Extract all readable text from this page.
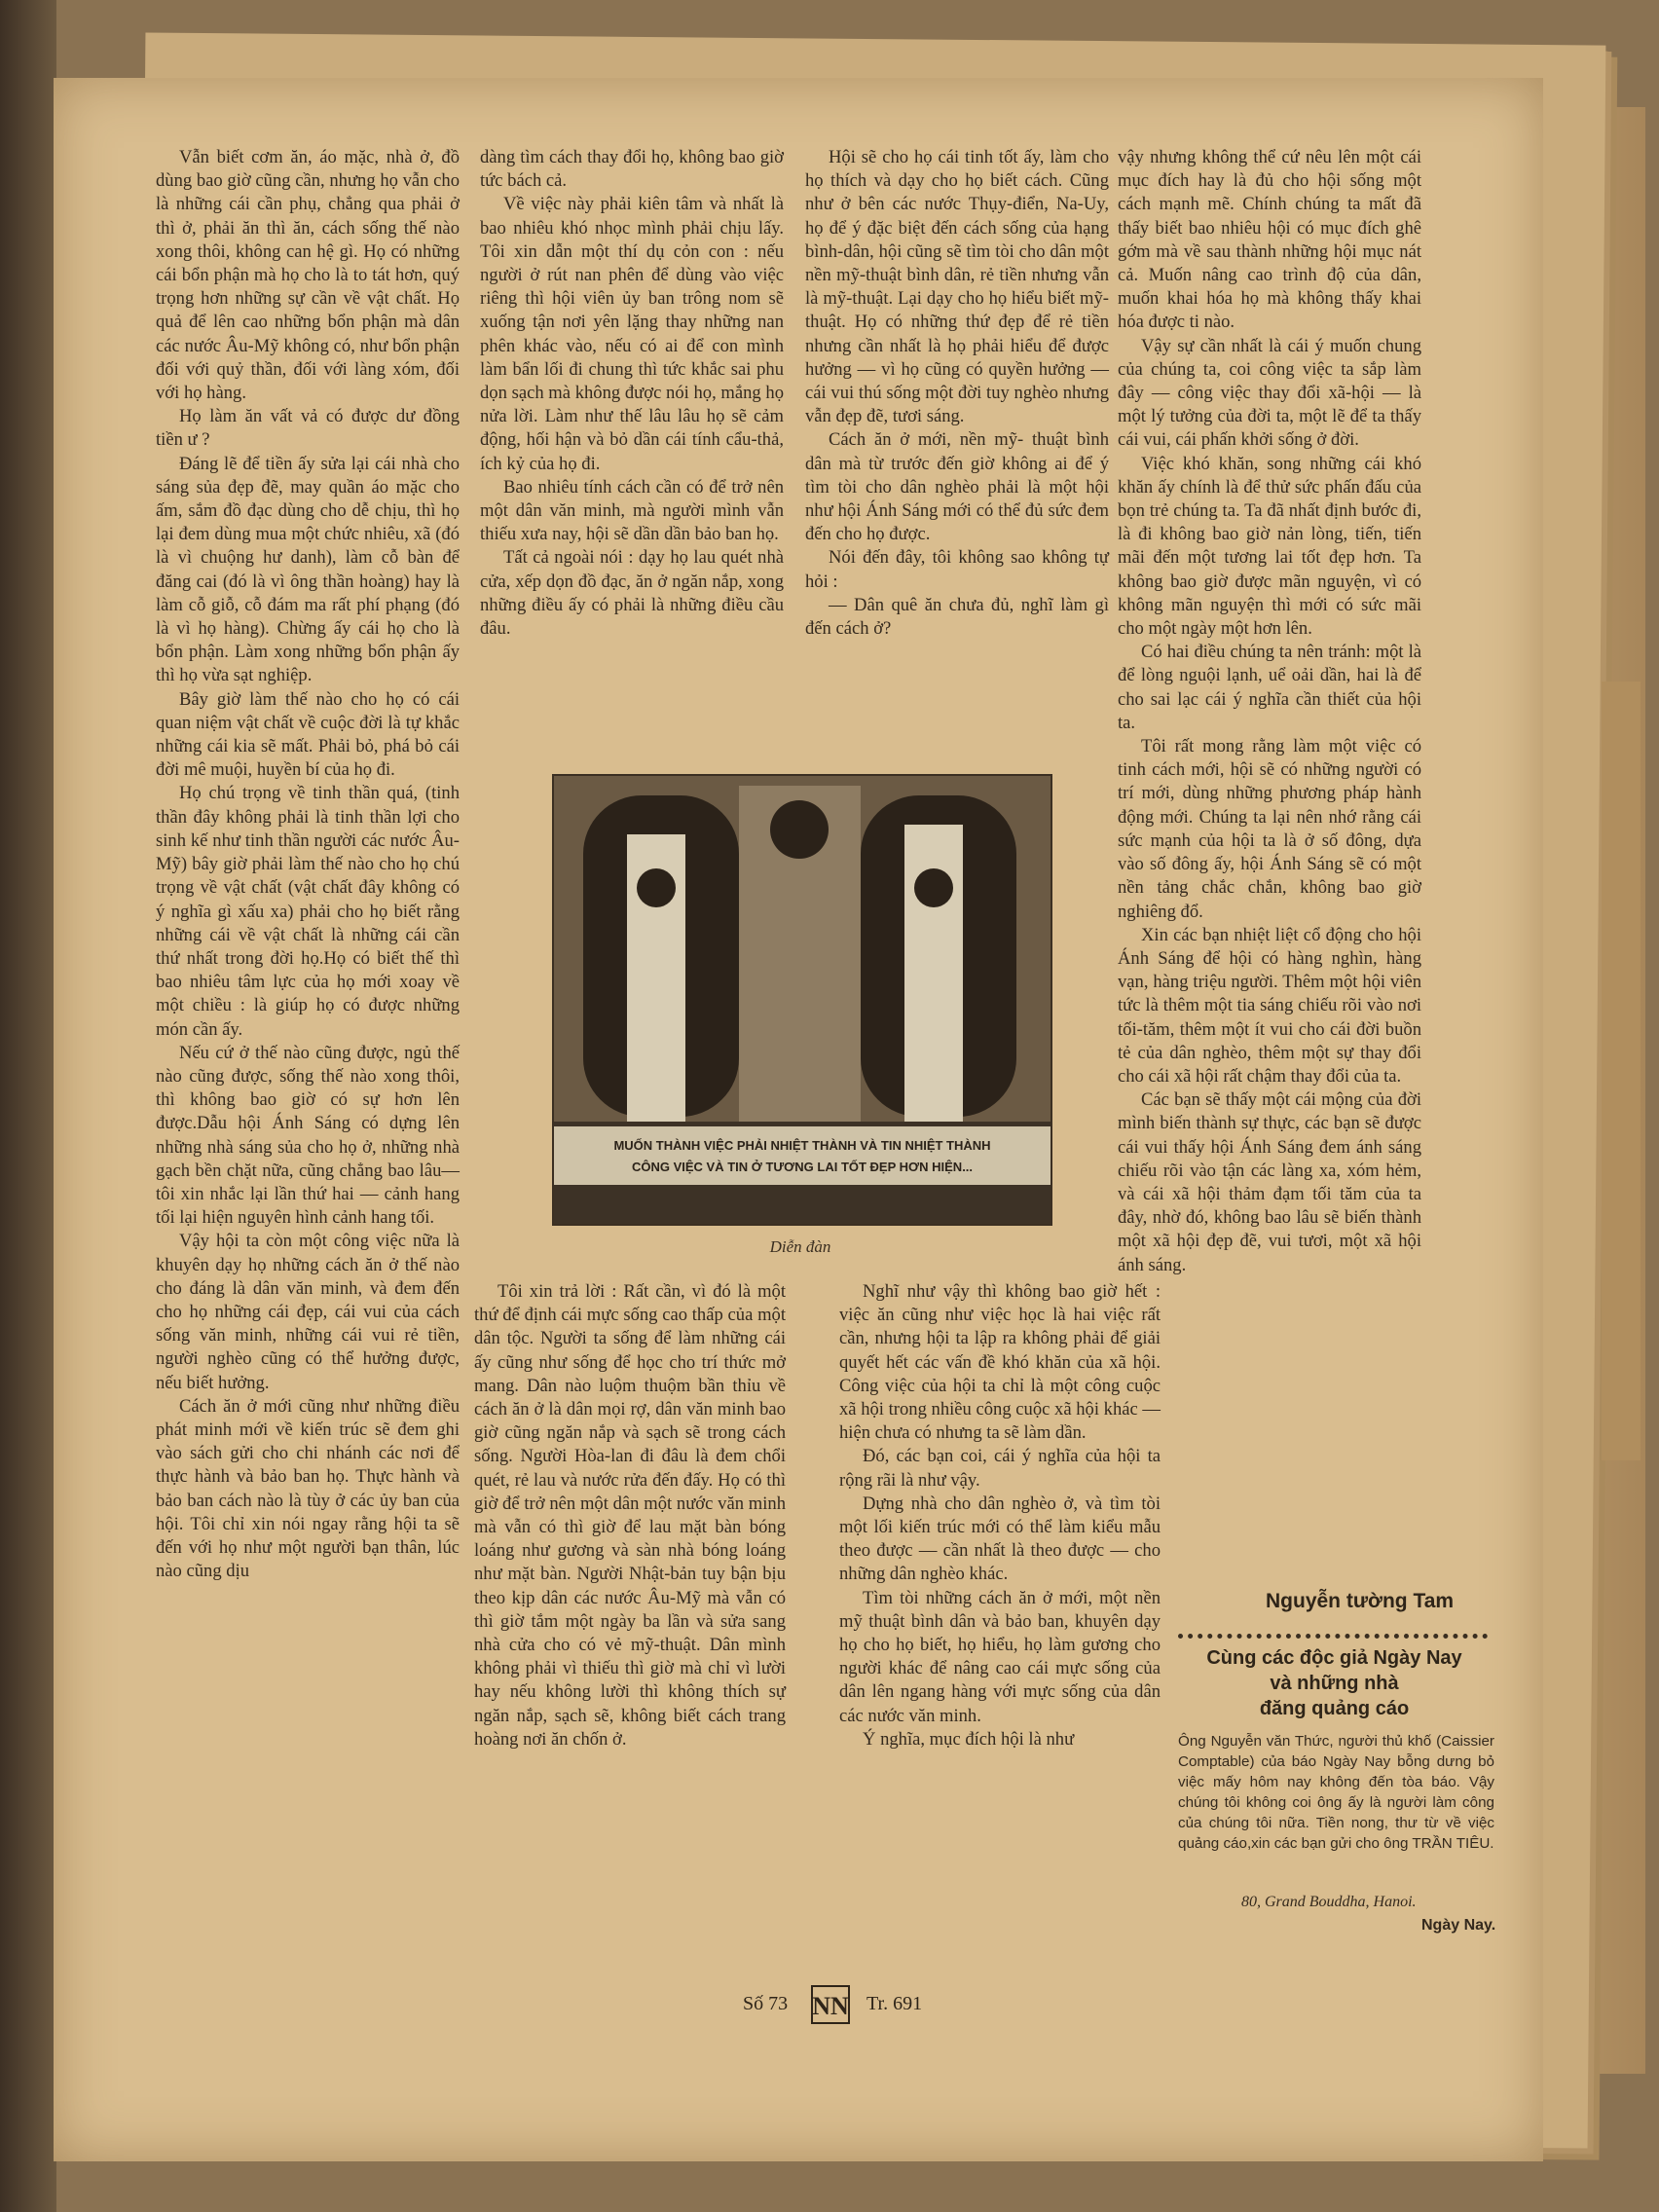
Vẫn biết cơm ăn, áo mặc, nhà ở, đồ dùng bao giờ cũng cần, nhưng họ vẫn cho là những cái cần phụ, chẳng qua phải ở thì ở, phải ăn thì ăn, cách sống thế nào xong thôi, không can hệ gì. Họ có những cái bổn phận mà họ cho là to tát hơn, quý trọng hơn những sự cần về vật chất. Họ quả để lên cao những bổn phận mà dân các nước Âu-Mỹ không có, như bổn phận đối với quỷ thần, đối với làng xóm, đối với họ hàng.

Họ làm ăn vất vả có được dư đồng tiền ư ?

Đáng lẽ để tiền ấy sửa lại cái nhà cho sáng sủa đẹp đẽ, may quần áo mặc cho ấm, sắm đồ đạc dùng cho dễ chịu, thì họ lại đem dùng mua một chức nhiêu, xã (đó là vì chuộng hư danh), làm cỗ bàn để đăng cai (đó là vì ông thần hoàng) hay là làm cỗ giỗ, cỗ đám ma rất phí phạng (đó là vì họ hàng). Chừng ấy cái họ cho là bổn phận. Làm xong những bổn phận ấy thì họ vừa sạt nghiệp.

Bây giờ làm thế nào cho họ có cái quan niệm vật chất về cuộc đời là tự khắc những cái kia sẽ mất. Phải bỏ, phá bỏ cái đời mê muội, huyền bí của họ đi.

Họ chú trọng về tinh thần quá, (tinh thần đây không phải là tinh thần lợi cho sinh kế như tinh thần người các nước Âu-Mỹ) bây giờ phải làm thế nào cho họ chú trọng về vật chất (vật chất đây không có ý nghĩa gì xấu xa) phải cho họ biết rằng những cái về vật chất là những cái cần thứ nhất trong đời họ.Họ có biết thế thì bao nhiêu tâm lực của họ mới xoay về một chiều : là giúp họ có được những món cần ấy.

Nếu cứ ở thế nào cũng được, ngủ thế nào cũng được, sống thế nào xong thôi, thì không bao giờ có sự hơn lên được.Dẫu hội Ánh Sáng có dựng lên những nhà sáng sủa cho họ ở, những nhà gạch bền chặt nữa, cũng chẳng bao lâu—tôi xin nhắc lại lần thứ hai — cảnh hang tối lại hiện nguyên hình cảnh hang tối.

Vậy hội ta còn một công việc nữa là khuyên dạy họ những cách ăn ở thế nào cho đáng là dân văn minh, và đem đến cho họ những cái đẹp, cái vui của cách sống văn minh, những cái vui rẻ tiền, người nghèo cũng có thể hưởng được, nếu biết hưởng.

Cách ăn ở mới cũng như những điều phát minh mới về kiến trúc sẽ đem ghi vào sách gửi cho chi nhánh các nơi để thực hành và bảo ban họ. Thực hành và bảo ban cách nào là tùy ở các ủy ban của hội. Tôi chỉ xin nói ngay rằng hội ta sẽ đến với họ như một người bạn thân, lúc nào cũng dịu

dàng tìm cách thay đổi họ, không bao giờ tức bách cả.

Về việc này phải kiên tâm và nhất là bao nhiêu khó nhọc mình phải chịu lấy. Tôi xin dẫn một thí dụ cỏn con : nếu người ở rút nan phên để dùng vào việc riêng thì hội viên ủy ban trông nom sẽ xuống tận nơi yên lặng thay những nan phên khác vào, nếu có ai để con mình làm bẩn lối đi chung thì tức khắc sai phu dọn sạch mà không được nói họ, mắng họ nửa lời. Làm như thế lâu lâu họ sẽ cảm động, hối hận và bỏ dần cái tính cẩu-thả, ích kỷ của họ đi.

Bao nhiêu tính cách cần có để trở nên một dân văn minh, mà người mình vẫn thiếu xưa nay, hội sẽ dần dần bảo ban họ.

Tất cả ngoài nói : dạy họ lau quét nhà cửa, xếp dọn đồ đạc, ăn ở ngăn nắp, xong những điều ấy có phải là những điều cầu đâu.

Hội sẽ cho họ cái tinh tốt ấy, làm cho họ thích và dạy cho họ biết cách. Cũng như ở bên các nước Thụy-điển, Na-Uy, họ để ý đặc biệt đến cách sống của hạng bình-dân, hội cũng sẽ tìm tòi cho dân một nền mỹ-thuật bình dân, rẻ tiền nhưng vẫn là mỹ-thuật. Lại dạy cho họ hiểu biết mỹ-thuật. Họ có những thứ đẹp để rẻ tiền nhưng cần nhất là họ phải hiểu để được hưởng — vì họ cũng có quyền hưởng — cái vui thú sống một đời tuy nghèo nhưng vẫn đẹp đẽ, tươi sáng.

Cách ăn ở mới, nền mỹ- thuật bình dân mà từ trước đến giờ không ai để ý tìm tòi cho dân nghèo phải là một hội như hội Ánh Sáng mới có thể đủ sức đem đến cho họ được.

Nói đến đây, tôi không sao không tự hỏi :

— Dân quê ăn chưa đủ, nghĩ làm gì đến cách ở?

vậy nhưng không thể cứ nêu lên một cái mục đích hay là đủ cho hội sống một cách mạnh mẽ. Chính chúng ta mất đã thấy biết bao nhiêu hội có mục đích ghê gớm mà về sau thành những hội mục nát cả. Muốn nâng cao trình độ của dân, muốn khai hóa họ mà không thấy khai hóa được ti nào.

Vậy sự cần nhất là cái ý muốn chung của chúng ta, coi công việc ta sắp làm đây — công việc thay đổi xã-hội — là một lý tưởng của đời ta, một lẽ để ta thấy cái vui, cái phấn khởi sống ở đời.

Việc khó khăn, song những cái khó khăn ấy chính là để thử sức phấn đấu của bọn trẻ chúng ta. Ta đã nhất định bước đi, là đi không bao giờ nản lòng, tiến, tiến mãi đến một tương lai tốt đẹp hơn. Ta không bao giờ được mãn nguyện, vì có không mãn nguyện thì mới có sức mãi cho một ngày một hơn lên.

Có hai điều chúng ta nên tránh: một là để lòng nguội lạnh, uể oải dần, hai là để cho sai lạc cái ý nghĩa cần thiết của hội ta.

Tôi rất mong rằng làm một việc có tinh cách mới, hội sẽ có những người có trí mới, dùng những phương pháp hành động mới. Chúng ta lại nên nhớ rằng cái sức mạnh của hội ta là ở số đông, dựa vào số đông ấy, hội Ánh Sáng sẽ có một nền tảng chắc chắn, không bao giờ nghiêng đổ.

Xin các bạn nhiệt liệt cổ động cho hội Ánh Sáng để hội có hàng nghìn, hàng vạn, hàng triệu người. Thêm một hội viên tức là thêm một tia sáng chiếu rõi vào nơi tối-tăm, thêm một ít vui cho cái đời buồn tẻ của dân nghèo, thêm một sự thay đổi cho cái xã hội rất chậm thay đổi của ta.

Các bạn sẽ thấy một cái mộng của đời mình biến thành sự thực, các bạn sẽ được cái vui thấy hội Ánh Sáng đem ánh sáng chiếu rõi vào tận các làng xa, xóm hẻm, và cái xã hội thảm đạm tối tăm của ta đây, nhờ đó, không bao lâu sẽ biến thành một xã hội đẹp đẽ, vui tươi, một xã hội ánh sáng.

Tôi xin trả lời : Rất cần, vì đó là một thứ để định cái mực sống cao thấp của một dân tộc. Người ta sống để làm những cái ấy cũng như sống để học cho trí thức mở mang. Dân nào luộm thuộm bần thỉu về cách ăn ở là dân mọi rợ, dân văn minh bao giờ cũng ngăn nắp và sạch sẽ trong cách sống. Người Hòa-lan đi đâu là đem chổi quét, rẻ lau và nước rửa đến đấy. Họ có thì giờ để trở nên một dân một nước văn minh mà vẫn có thì giờ để lau mặt bàn bóng loáng như gương và sàn nhà bóng loáng như mặt bàn. Người Nhật-bản tuy bận bịu theo kịp dân các nước Âu-Mỹ mà vẫn có thì giờ tắm một ngày ba lần và sửa sang nhà cửa cho có vẻ mỹ-thuật. Dân mình không phải vì thiếu thì giờ mà chỉ vì lười hay nếu không lười thì không thích sự ngăn nắp, sạch sẽ, không biết cách trang hoàng nơi ăn chốn ở.

Nghĩ như vậy thì không bao giờ hết : việc ăn cũng như việc học là hai việc rất cần, nhưng hội ta lập ra không phải để giải quyết hết các vấn đề khó khăn của xã hội. Công việc của hội ta chỉ là một công cuộc xã hội trong nhiều công cuộc xã hội khác — hiện chưa có nhưng ta sẽ làm dần.

Đó, các bạn coi, cái ý nghĩa của hội ta rộng rãi là như vậy.

Dựng nhà cho dân nghèo ở, và tìm tòi một lối kiến trúc mới có thể làm kiểu mẫu theo được — cần nhất là theo được — cho những dân nghèo khác.

Tìm tòi những cách ăn ở mới, một nền mỹ thuật bình dân và bảo ban, khuyên dạy họ cho họ biết, họ hiểu, họ làm gương cho người khác để nâng cao cái mực sống của dân lên ngang hàng với mực sống của dân các nước văn minh.

Ý nghĩa, mục đích hội là như

MUỐN THÀNH VIỆC PHẢI NHIỆT THÀNH VÀ TIN NHIỆT THÀNH
CÔNG VIỆC VÀ TIN Ở TƯƠNG LAI TỐT ĐẸP HƠN HIỆN...
Diễn đàn
Nguyễn tường Tam
Cùng các độc giả Ngày Nay
và những nhà
đăng quảng cáo
Ông Nguyễn văn Thức, người thủ khố (Caissier Comptable) của báo Ngày Nay bỗng dưng bỏ việc mấy hôm nay không đến tòa báo. Vậy chúng tôi không coi ông ấy là người làm công của chúng tôi nữa. Tiền nong, thư từ về việc quảng cáo,xin các bạn gửi cho ông TRẦN TIÊU.
80, Grand Bouddha, Hanoi.
Ngày Nay.
Số 73 NN Tr. 691
